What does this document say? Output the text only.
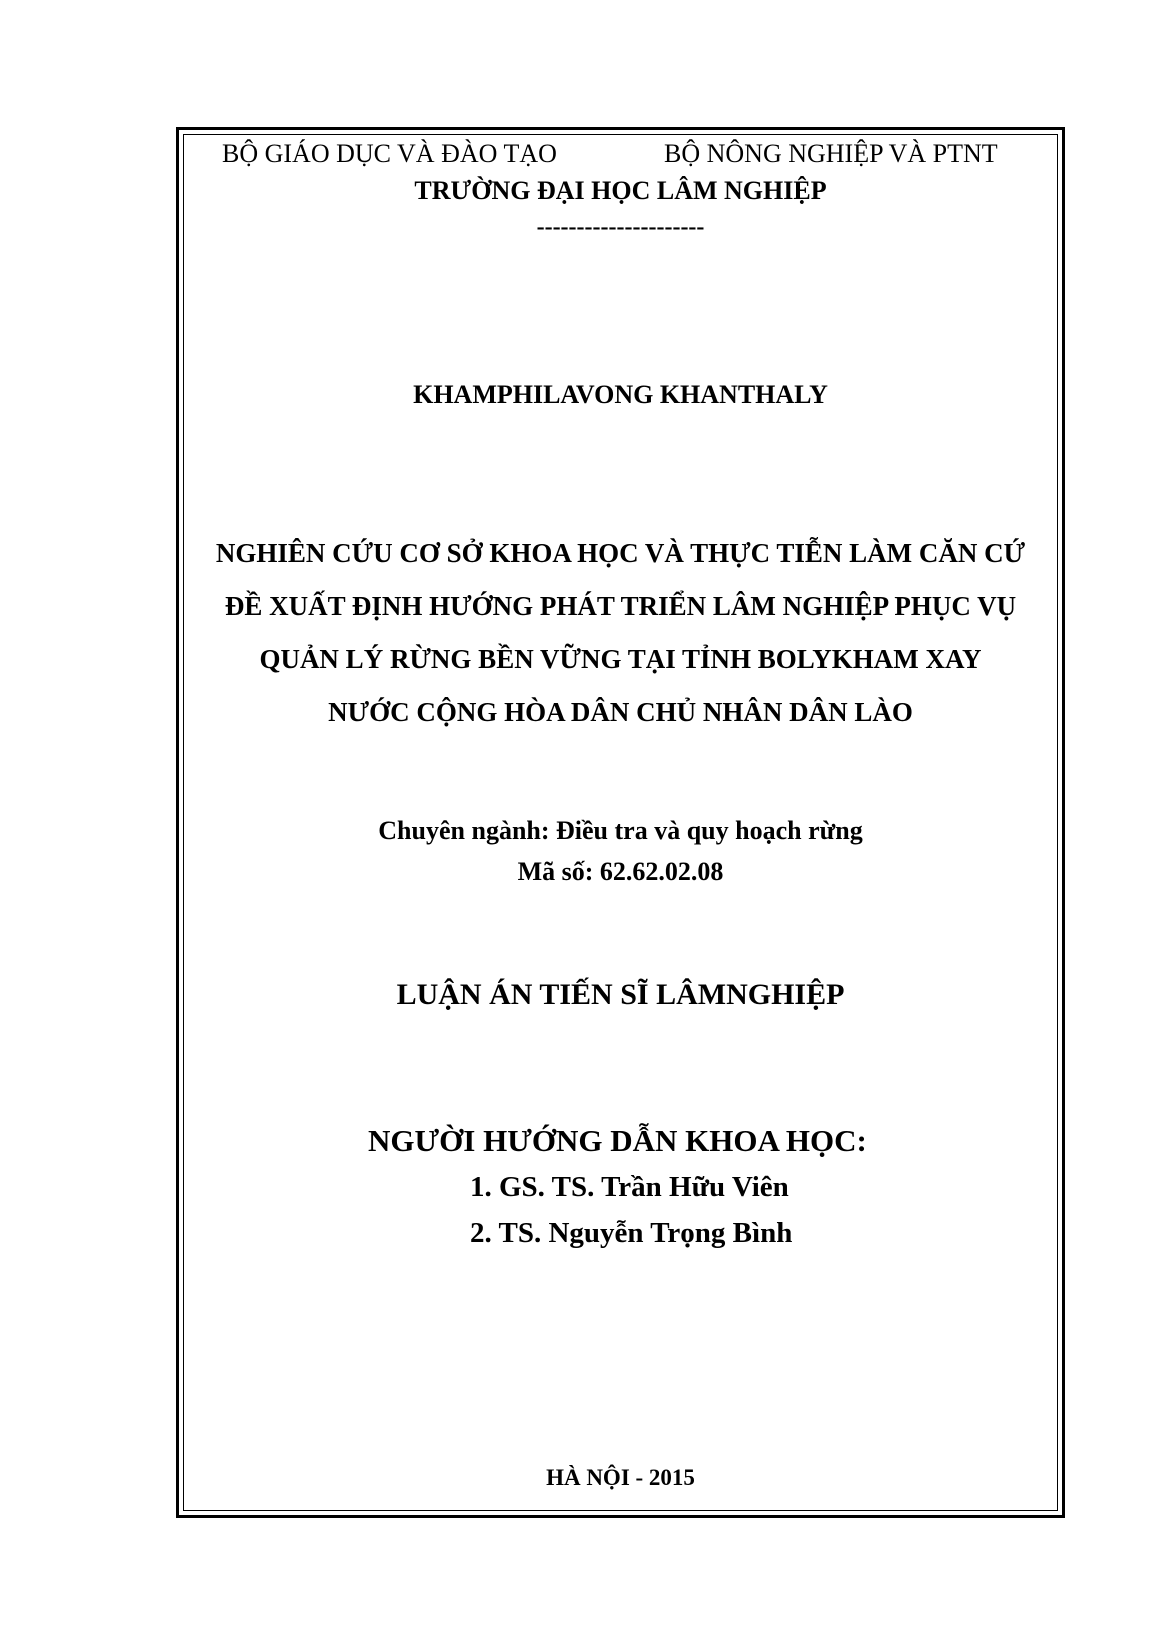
BỘ GIÁO DỤC VÀ ĐÀO TẠO	BỘ NÔNG NGHIỆP VÀ PTNT
TRƯỜNG ĐẠI HỌC LÂM NGHIỆP
---------------------
KHAMPHILAVONG KHANTHALY
NGHIÊN CỨU CƠ SỞ KHOA HỌC VÀ THỰC TIỄN LÀM CĂN CỨ
ĐỀ XUẤT ĐỊNH HƯỚNG PHÁT TRIỂN LÂM NGHIỆP PHỤC VỤ
QUẢN LÝ RỪNG BỀN VỮNG TẠI TỈNH BOLYKHAM XAY
NƯỚC CỘNG HÒA DÂN CHỦ NHÂN DÂN LÀO
Chuyên ngành: Điều tra và quy hoạch rừng
Mã số: 62.62.02.08
LUẬN ÁN TIẾN SĨ LÂMNGHIỆP
NGƯỜI HƯỚNG DẪN KHOA HỌC:
1. GS. TS. Trần Hữu Viên
2. TS. Nguyễn Trọng Bình
HÀ NỘI - 2015
